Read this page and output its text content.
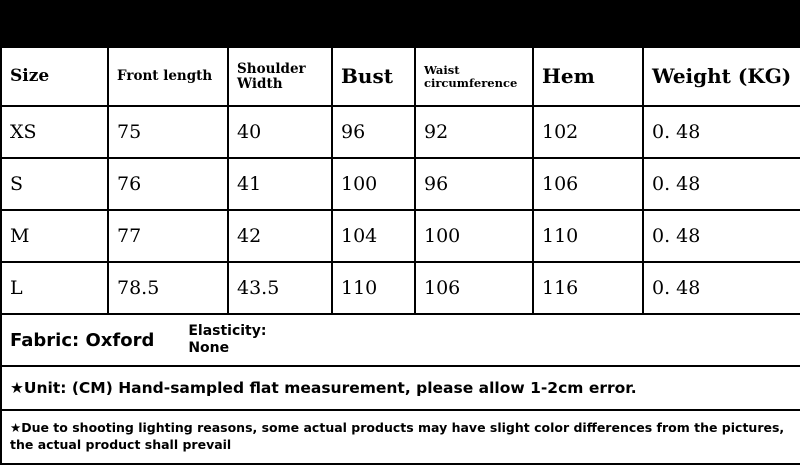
Size	Front length	Shoulder Width	Bust	Waist circumference	Hem	Weight (KG)

XS	75	40	96	92	102	0. 48

S	76	41	100	96	106	0. 48

M	77	42	104	100	110	0. 48

L	78.5	43.5	110	106	116	0. 48

Fabric: Oxford Elasticity:
None						

★Unit: (CM) Hand-sampled flat measurement, please allow 1-2cm error.						

★Due to shooting lighting reasons, some actual products may have slight color differences from the pictures, the actual product shall prevail						
